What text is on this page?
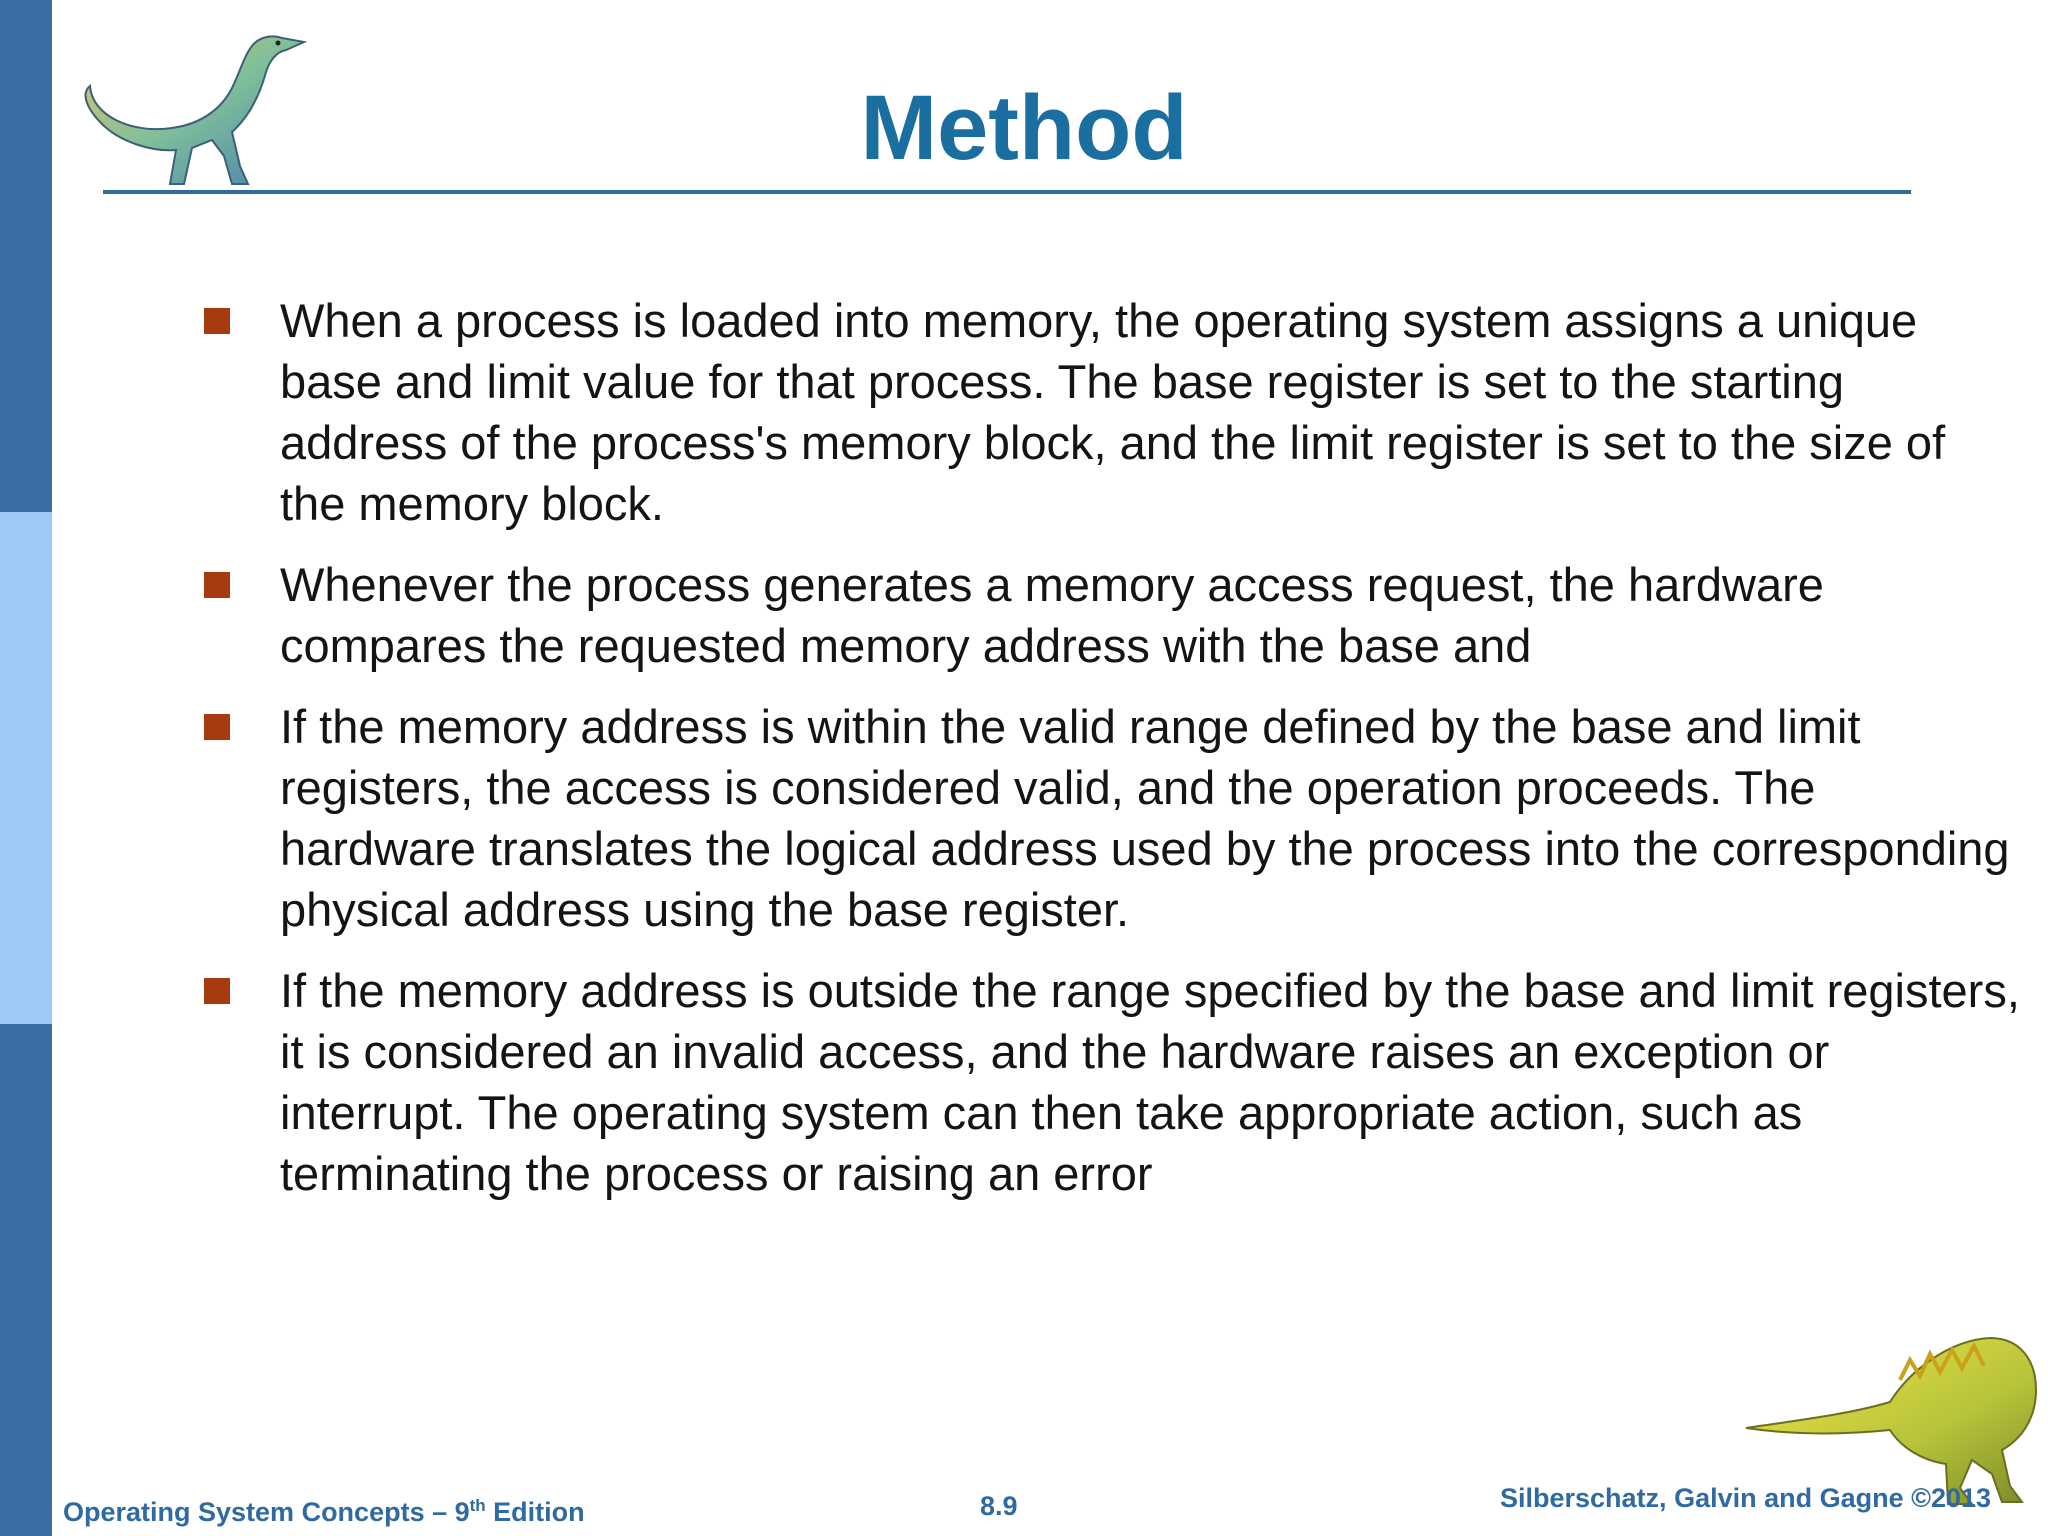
Method
When a process is loaded into memory, the operating system assigns a unique base and limit value for that process. The base register is set to the starting address of the process's memory block, and the limit register is set to the size of the memory block.
Whenever the process generates a memory access request, the hardware compares the requested memory address with the base and
If the memory address is within the valid range defined by the base and limit registers, the access is considered valid, and the operation proceeds. The hardware translates the logical address used by the process into the corresponding physical address using the base register.
If the memory address is outside the range specified by the base and limit registers, it is considered an invalid access, and the hardware raises an exception or interrupt. The operating system can then take appropriate action, such as terminating the process or raising an error
Operating System Concepts – 9th Edition	8.9	Silberschatz, Galvin and Gagne ©2013
